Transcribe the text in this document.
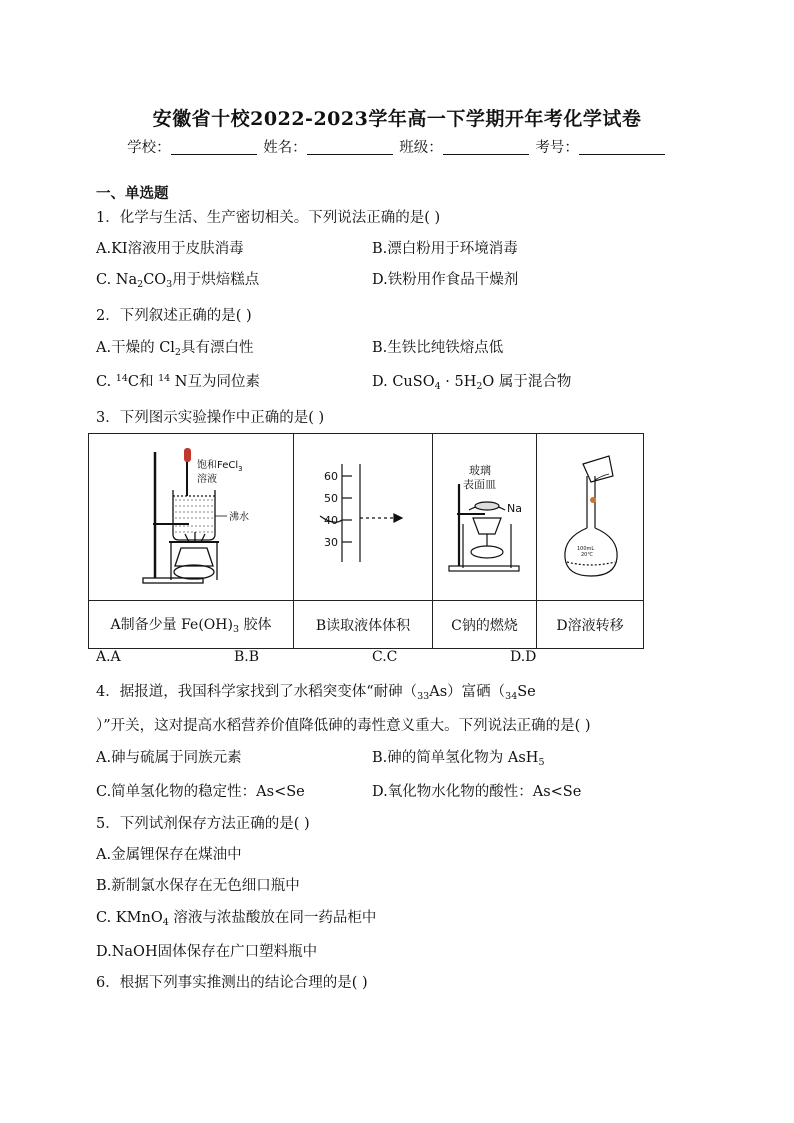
安徽省十校2022-2023学年高一下学期开年考化学试卷
学校：	姓名：	班级：	考号：
一、单选题
1．化学与生活、生产密切相关。下列说法正确的是( )
A.KI溶液用于皮肤消毒	B.漂白粉用于环境消毒
C. $Na_2CO_3$用于烘焙糕点	D.铁粉用作食品干燥剂
2．下列叙述正确的是( )
A.干燥的 $Cl_2$具有漂白性	B.生铁比纯铁熔点低
C. $^{14}$C和 $^{14}$ N互为同位素	D. CuSO$_4$ · $5H_2O$ 属于混合物
3．下列图示实验操作中正确的是( )
饱和FeCl$_3$
溶液
沸水	60
50
40
30	玻璃
表面皿
Na	100mL
20℃

A制备少量 $Fe(OH)_3$ 胶体	B读取液体体积	C钠的燃烧	D溶液转移
A.A	B.B	C.C	D.D
4．据报道，我国科学家找到了水稻突变体“耐砷$(_{33}As)$富硒（$_{34}Se$
）”开关，这对提高水稻营养价值降低砷的毒性意义重大。下列说法正确的是( )
A.砷与硫属于同族元素	B.砷的简单氢化物为 AsH$_5$
C.简单氢化物的稳定性：As<Se	D.氧化物水化物的酸性：As<Se
5．下列试剂保存方法正确的是( )
A.金属锂保存在煤油中
B.新制氯水保存在无色细口瓶中
C. KMnO$_4$ 溶液与浓盐酸放在同一药品柜中
D.NaOH固体保存在广口塑料瓶中
6．根据下列事实推测出的结论合理的是( )
